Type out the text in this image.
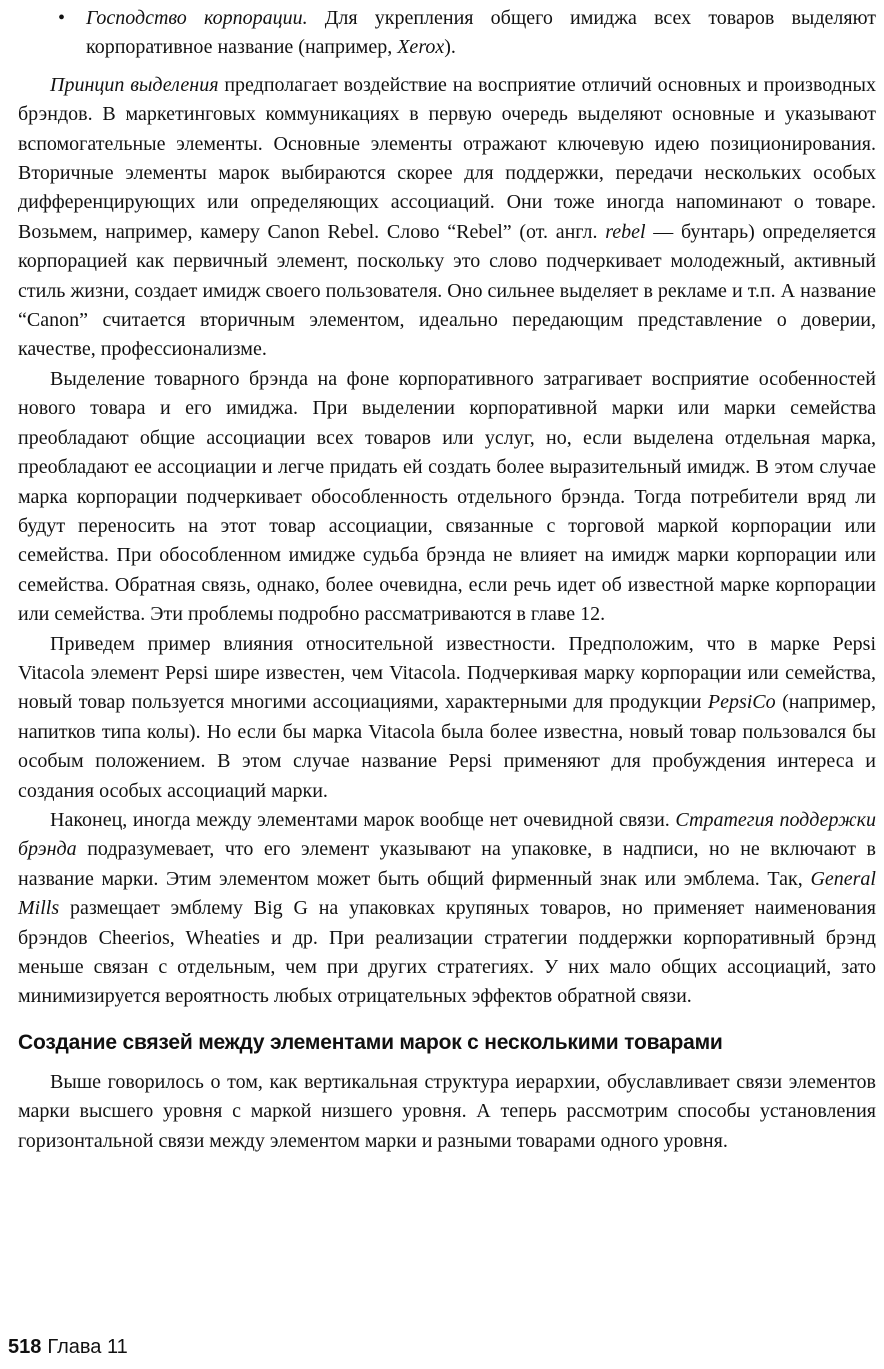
• Господство корпорации. Для укрепления общего имиджа всех товаров выделяют корпоративное название (например, Xerox).

Принцип выделения предполагает воздействие на восприятие отличий основных и производных брэндов. В маркетинговых коммуникациях в первую очередь выделяют основные и указывают вспомогательные элементы. Основные элементы отражают ключевую идею позиционирования. Вторичные элементы марок выбираются скорее для поддержки, передачи нескольких особых дифференцирующих или определяющих ассоциаций. Они тоже иногда напоминают о товаре. Возьмем, например, камеру Canon Rebel. Слово “Rebel” (от. англ. rebel — бунтарь) определяется корпорацией как первичный элемент, поскольку это слово подчеркивает молодежный, активный стиль жизни, создает имидж своего пользователя. Оно сильнее выделяет в рекламе и т.п. А название “Canon” считается вторичным элементом, идеально передающим представление о доверии, качестве, профессионализме.

Выделение товарного брэнда на фоне корпоративного затрагивает восприятие особенностей нового товара и его имиджа. При выделении корпоративной марки или марки семейства преобладают общие ассоциации всех товаров или услуг, но, если выделена отдельная марка, преобладают ее ассоциации и легче придать ей создать более выразительный имидж. В этом случае марка корпорации подчеркивает обособленность отдельного брэнда. Тогда потребители вряд ли будут переносить на этот товар ассоциации, связанные с торговой маркой корпорации или семейства. При обособленном имидже судьба брэнда не влияет на имидж марки корпорации или семейства. Обратная связь, однако, более очевидна, если речь идет об известной марке корпорации или семейства. Эти проблемы подробно рассматриваются в главе 12.

Приведем пример влияния относительной известности. Предположим, что в марке Pepsi Vitacola элемент Pepsi шире известен, чем Vitacola. Подчеркивая марку корпорации или семейства, новый товар пользуется многими ассоциациями, характерными для продукции PepsiCo (например, напитков типа колы). Но если бы марка Vitacola была более известна, новый товар пользовался бы особым положением. В этом случае название Pepsi применяют для пробуждения интереса и создания особых ассоциаций марки.

Наконец, иногда между элементами марок вообще нет очевидной связи. Стратегия поддержки брэнда подразумевает, что его элемент указывают на упаковке, в надписи, но не включают в название марки. Этим элементом может быть общий фирменный знак или эмблема. Так, General Mills размещает эмблему Big G на упаковках крупяных товаров, но применяет наименования брэндов Cheerios, Wheaties и др. При реализации стратегии поддержки корпоративный брэнд меньше связан с отдельным, чем при других стратегиях. У них мало общих ассоциаций, зато минимизируется вероятность любых отрицательных эффектов обратной связи.

Создание связей между элементами марок с несколькими товарами

Выше говорилось о том, как вертикальная структура иерархии, обуславливает связи элементов марки высшего уровня с маркой низшего уровня. А теперь рассмотрим способы установления горизонтальной связи между элементом марки и разными товарами одного уровня.

518 Глава 11
